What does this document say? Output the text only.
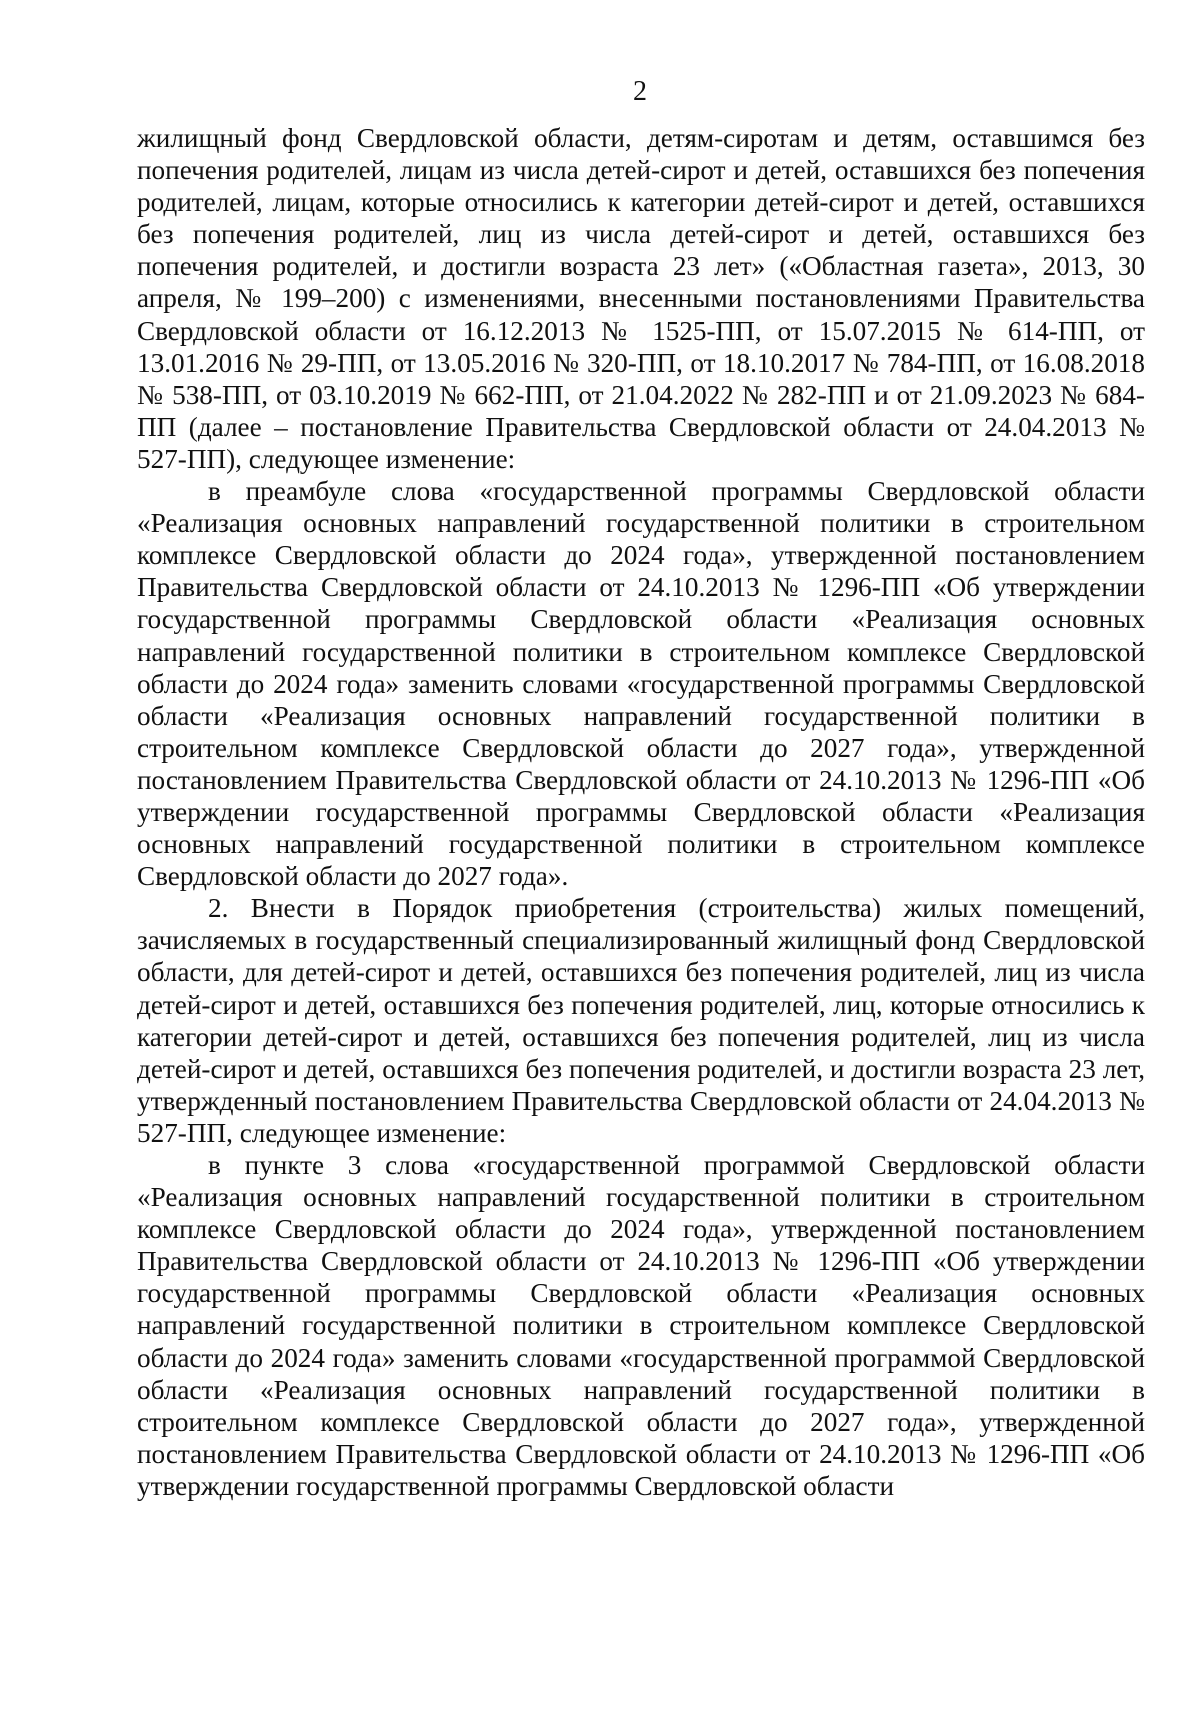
2

жилищный фонд Свердловской области, детям-сиротам и детям, оставшимся без попечения родителей, лицам из числа детей-сирот и детей, оставшихся без попечения родителей, лицам, которые относились к категории детей-сирот и детей, оставшихся без попечения родителей, лиц из числа детей-сирот и детей, оставшихся без попечения родителей, и достигли возраста 23 лет» («Областная газета», 2013, 30 апреля, № 199–200) с изменениями, внесенными постановлениями Правительства Свердловской области от 16.12.2013 № 1525-ПП, от 15.07.2015 № 614-ПП, от 13.01.2016 № 29-ПП, от 13.05.2016 № 320-ПП, от 18.10.2017 № 784-ПП, от 16.08.2018 № 538-ПП, от 03.10.2019 № 662-ПП, от 21.04.2022 № 282-ПП и от 21.09.2023 № 684-ПП (далее – постановление Правительства Свердловской области от 24.04.2013 № 527-ПП), следующее изменение:

в преамбуле слова «государственной программы Свердловской области «Реализация основных направлений государственной политики в строительном комплексе Свердловской области до 2024 года», утвержденной постановлением Правительства Свердловской области от 24.10.2013 № 1296-ПП «Об утверждении государственной программы Свердловской области «Реализация основных направлений государственной политики в строительном комплексе Свердловской области до 2024 года» заменить словами «государственной программы Свердловской области «Реализация основных направлений государственной политики в строительном комплексе Свердловской области до 2027 года», утвержденной постановлением Правительства Свердловской области от 24.10.2013 № 1296-ПП «Об утверждении государственной программы Свердловской области «Реализация основных направлений государственной политики в строительном комплексе Свердловской области до 2027 года».

2. Внести в Порядок приобретения (строительства) жилых помещений, зачисляемых в государственный специализированный жилищный фонд Свердловской области, для детей-сирот и детей, оставшихся без попечения родителей, лиц из числа детей-сирот и детей, оставшихся без попечения родителей, лиц, которые относились к категории детей-сирот и детей, оставшихся без попечения родителей, лиц из числа детей-сирот и детей, оставшихся без попечения родителей, и достигли возраста 23 лет, утвержденный постановлением Правительства Свердловской области от 24.04.2013 № 527-ПП, следующее изменение:

в пункте 3 слова «государственной программой Свердловской области «Реализация основных направлений государственной политики в строительном комплексе Свердловской области до 2024 года», утвержденной постановлением Правительства Свердловской области от 24.10.2013 № 1296-ПП «Об утверждении государственной программы Свердловской области «Реализация основных направлений государственной политики в строительном комплексе Свердловской области до 2024 года» заменить словами «государственной программой Свердловской области «Реализация основных направлений государственной политики в строительном комплексе Свердловской области до 2027 года», утвержденной постановлением Правительства Свердловской области от 24.10.2013 № 1296-ПП «Об утверждении государственной программы Свердловской области
